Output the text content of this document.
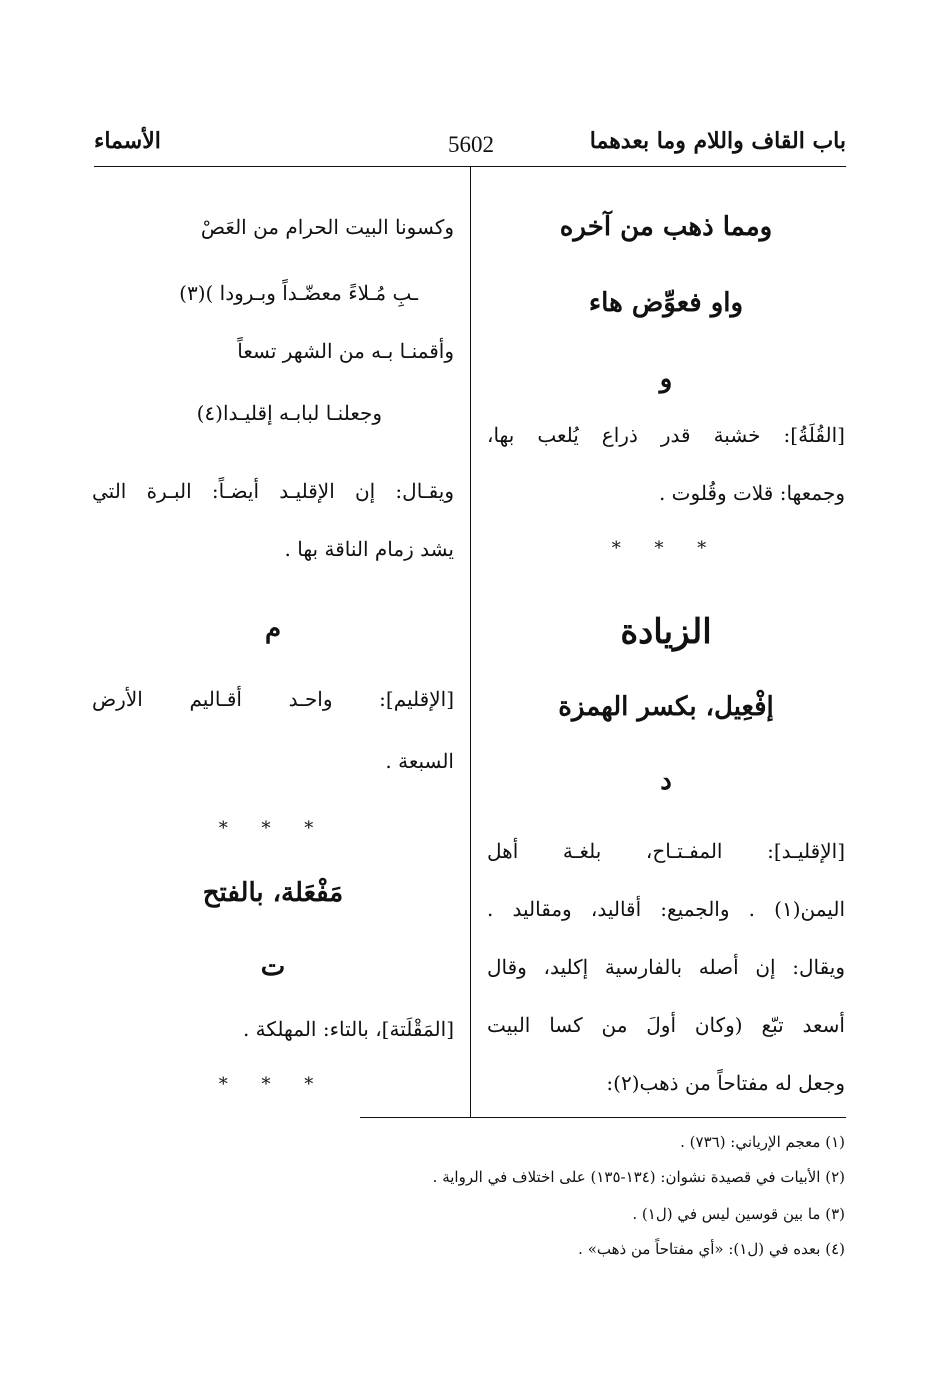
باب القاف واللام وما بعدهما
5602
الأسماء
ومما ذهب من آخره
واو فعوِّض هاء
و
[القُلَةُ]: خشبة قدر ذراع يُلعب بها،
وجمعها: قلات وقُلوت .
* * *
الزيادة
إفْعِيل، بكسر الهمزة
د
[الإقليـد]: المفـتـاح، بلغـة أهل
اليمن(١) . والجميع: أقاليد، ومقاليد .
ويقال: إن أصله بالفارسية إكليد، وقال
أسعد تبّع (وكان أولَ من كسا البيت
وجعل له مفتاحاً من ذهب(٢):
وكسونا البيت الحرام من العَصْ
ـبِ مُـلاءً معضّـداً وبـرودا )(٣)
وأقمنـا بـه من الشهر تسعاً
وجعلنـا لبابـه إقليـدا(٤)
ويقـال: إن الإقليـد أيضـاً: البـرة التي
يشد زمام الناقة بها .
م
[الإقليم]: واحـد أقـاليم الأرض
السبعة .
* * *
مَفْعَلة، بالفتح
ت
[المَقْلَتة]، بالتاء: المهلكة .
* * *
(١) معجم الإرياني: (٧٣٦) .
(٢) الأبيات في قصيدة نشوان: (١٣٤-١٣٥) على اختلاف في الرواية .
(٣) ما بين قوسين ليس في (ل١) .
(٤) بعده في (ل١): «أي مفتاحاً من ذهب» .
